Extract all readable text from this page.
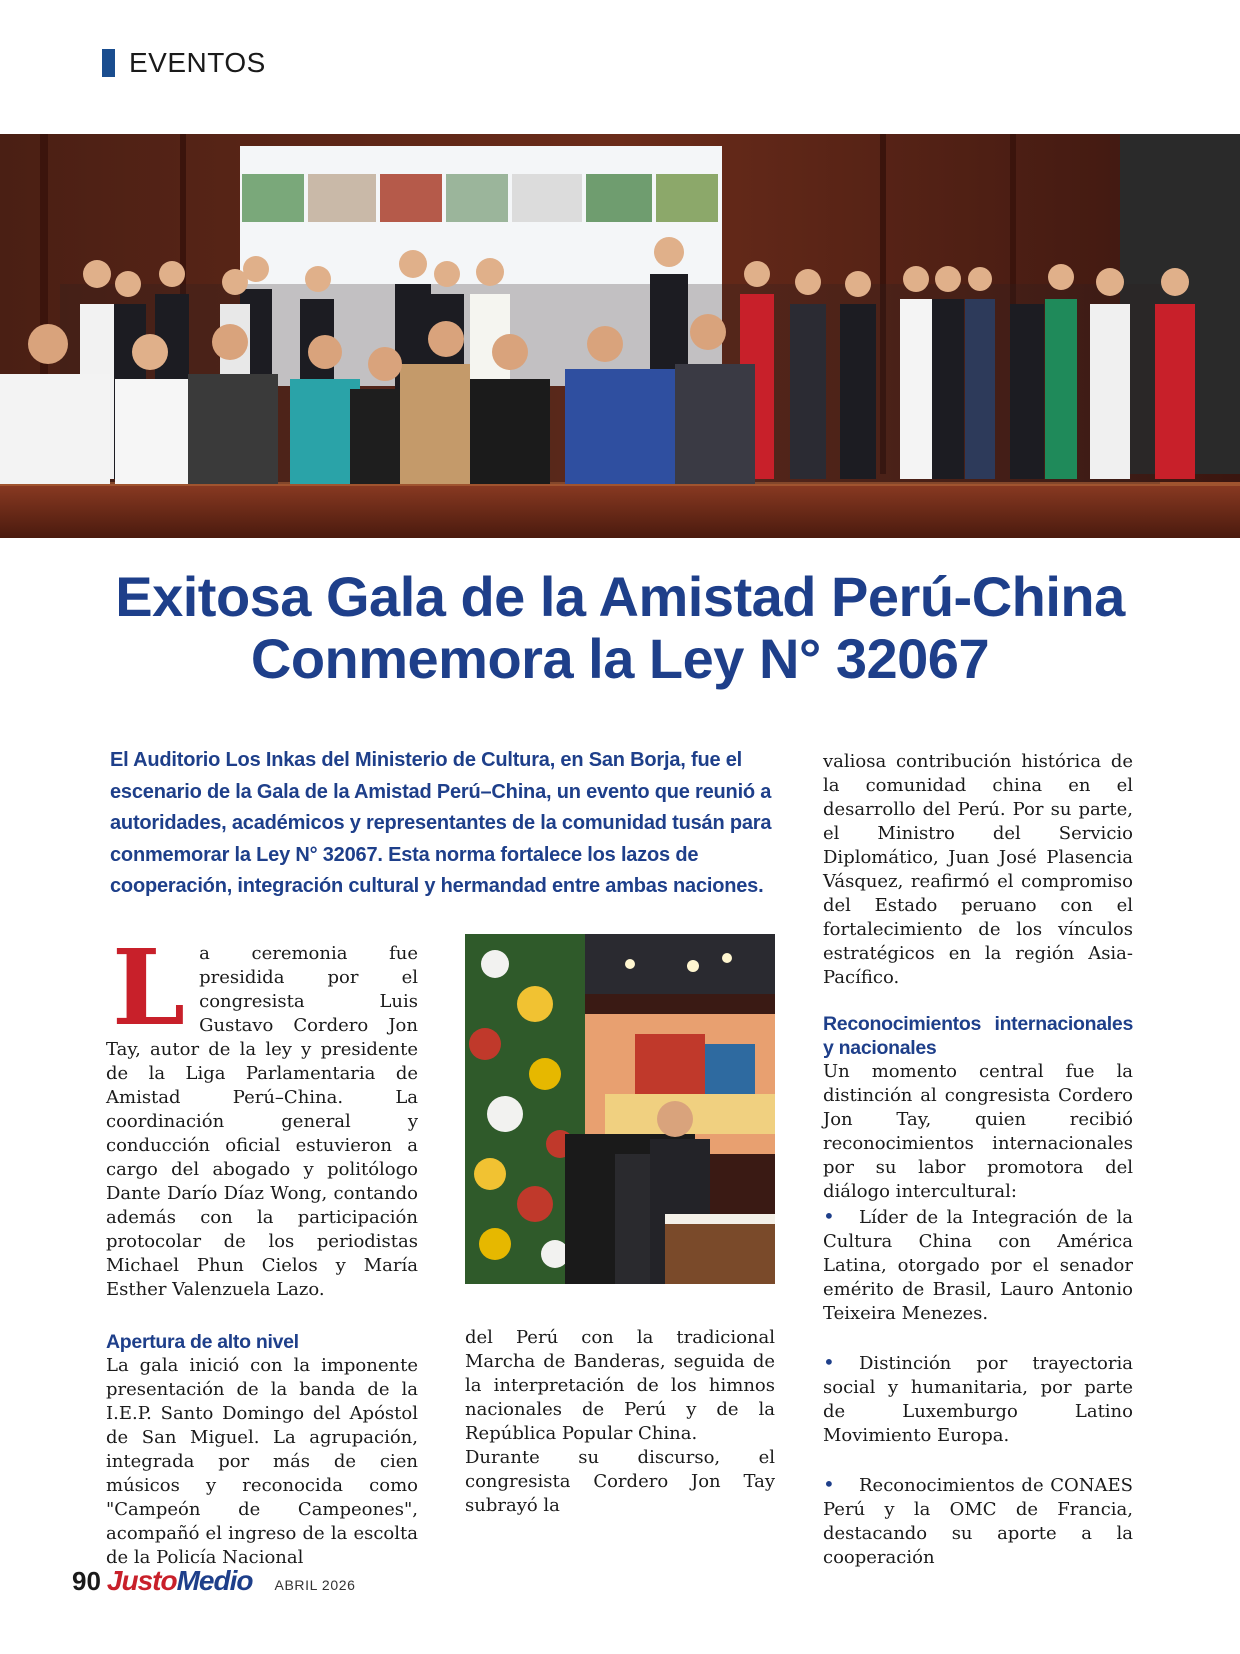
EVENTOS
Exitosa Gala de la Amistad Perú-China
Conmemora la Ley N° 32067
El Auditorio Los Inkas del Ministerio de Cultura, en San Borja, fue el escenario de la Gala de la Amistad Perú–China, un evento que reunió a autoridades, académicos y representantes de la comunidad tusán para conmemorar la Ley N° 32067. Esta norma fortalece los lazos de cooperación, integración cultural y hermandad entre ambas naciones.

La ceremonia fue presidida por el congresista Luis Gustavo Cordero Jon Tay, autor de la ley y presidente de la Liga Parlamentaria de Amistad Perú–China. La coordinación general y conducción oficial estuvieron a cargo del abogado y politólogo Dante Darío Díaz Wong, contando además con la participación protocolar de los periodistas Michael Phun Cielos y María Esther Valenzuela Lazo.

Apertura de alto nivel

La gala inició con la imponente presentación de la banda de la I.E.P. Santo Domingo del Apóstol de San Miguel. La agrupación, integrada por más de cien músicos y reconocida como "Campeón de Campeones", acompañó el ingreso de la escolta de la Policía Nacional

del Perú con la tradicional Marcha de Banderas, seguida de la interpretación de los himnos nacionales de Perú y de la República Popular China.

Durante su discurso, el congresista Cordero Jon Tay subrayó la

valiosa contribución histórica de la comunidad china en el desarrollo del Perú. Por su parte, el Ministro del Servicio Diplomático, Juan José Plasencia Vásquez, reafirmó el compromiso del Estado peruano con el fortalecimiento de los vínculos estratégicos en la región Asia-Pacífico.

Reconocimientos internacionales y nacionales

Un momento central fue la distinción al congresista Cordero Jon Tay, quien recibió reconocimientos internacionales por su labor promotora del diálogo intercultural:

• Líder de la Integración de la Cultura China con América Latina, otorgado por el senador emérito de Brasil, Lauro Antonio Teixeira Menezes.

• Distinción por trayectoria social y humanitaria, por parte de Luxemburgo Latino Movimiento Europa.

• Reconocimientos de CONAES Perú y la OMC de Francia, destacando su aporte a la cooperación

90 Justo Medio ABRIL 2026
